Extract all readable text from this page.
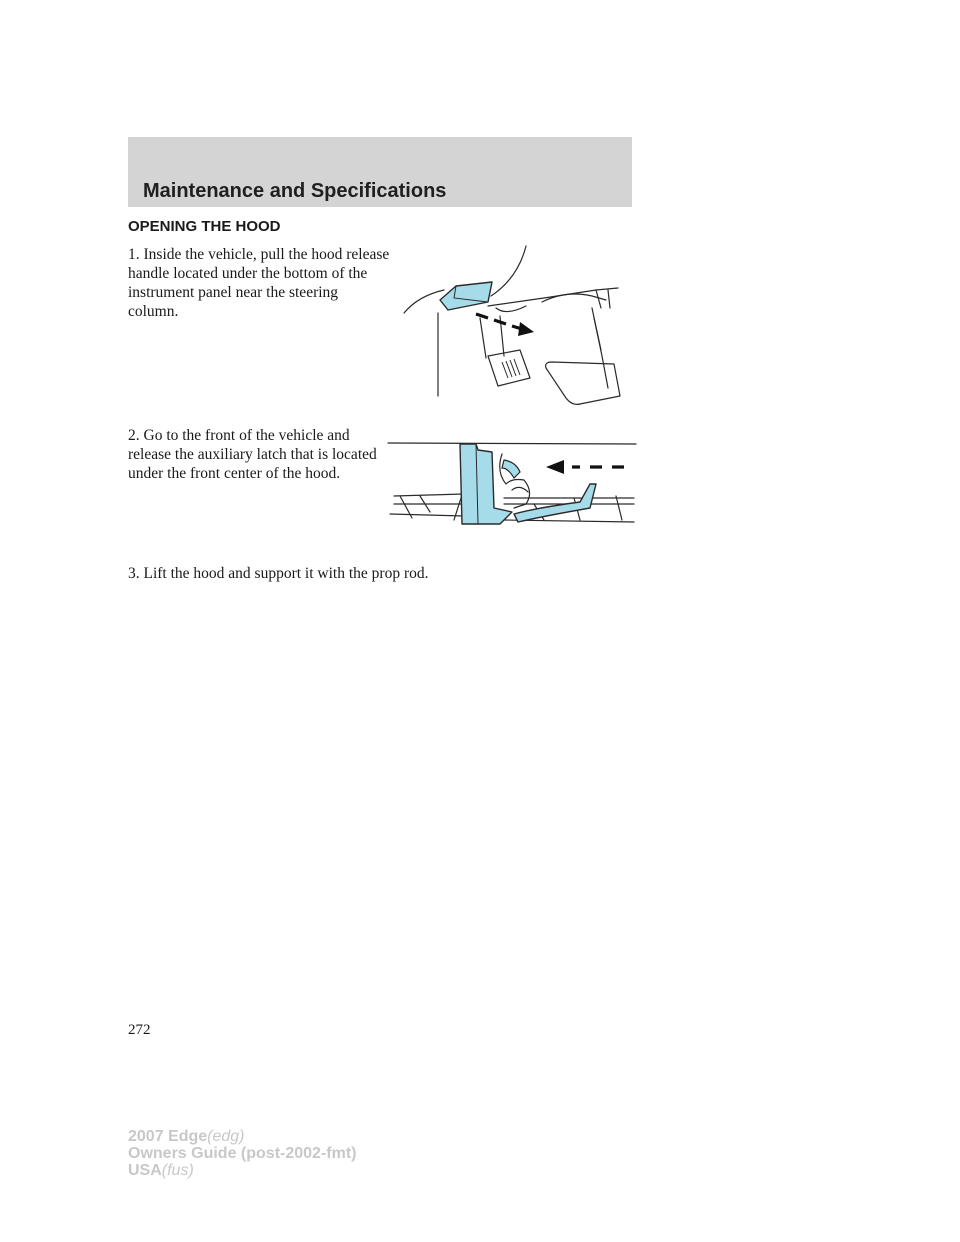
Maintenance and Specifications
OPENING THE HOOD

1. Inside the vehicle, pull the hood release handle located under the bottom of the instrument panel near the steering column.

2. Go to the front of the vehicle and release the auxiliary latch that is located under the front center of the hood.

3. Lift the hood and support it with the prop rod.

272

2007 Edge(edg)
Owners Guide (post-2002-fmt)
USA(fus)
